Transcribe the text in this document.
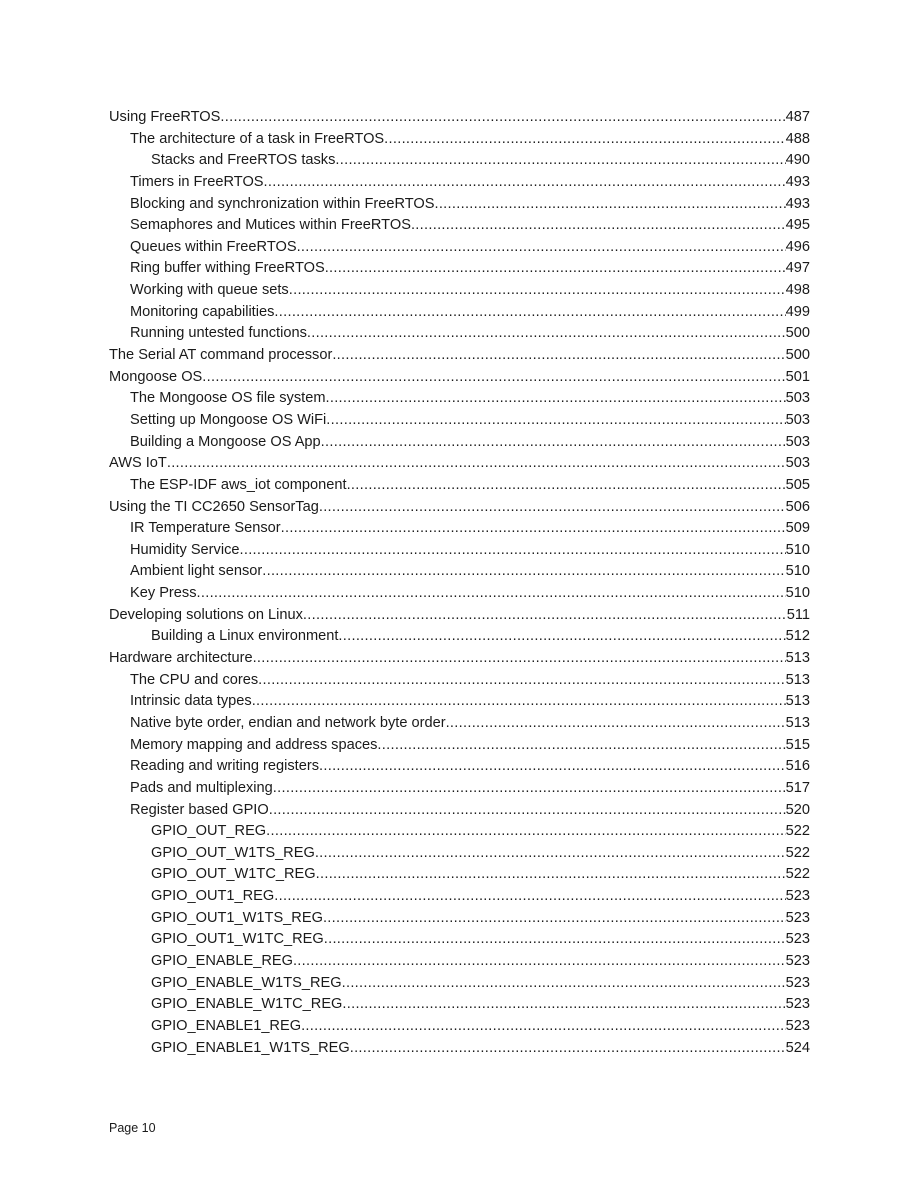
Using FreeRTOS .....	487
The architecture of a task in FreeRTOS .....	488
Stacks and FreeRTOS tasks .....	490
Timers in FreeRTOS .....	493
Blocking and synchronization within FreeRTOS .....	493
Semaphores and Mutices within FreeRTOS .....	495
Queues within FreeRTOS .....	496
Ring buffer withing FreeRTOS .....	497
Working with queue sets .....	498
Monitoring capabilities .....	499
Running untested functions .....	500
The Serial AT command processor .....	500
Mongoose OS .....	501
The Mongoose OS file system .....	503
Setting up Mongoose OS WiFi .....	503
Building a Mongoose OS App .....	503
AWS IoT .....	503
The ESP-IDF aws_iot component .....	505
Using the TI CC2650 SensorTag .....	506
IR Temperature Sensor .....	509
Humidity Service .....	510
Ambient light sensor .....	510
Key Press .....	510
Developing solutions on Linux .....	511
Building a Linux environment .....	512
Hardware architecture .....	513
The CPU and cores .....	513
Intrinsic data types .....	513
Native byte order, endian and network byte order .....	513
Memory mapping and address spaces .....	515
Reading and writing registers .....	516
Pads and multiplexing .....	517
Register based GPIO .....	520
GPIO_OUT_REG .....	522
GPIO_OUT_W1TS_REG .....	522
GPIO_OUT_W1TC_REG .....	522
GPIO_OUT1_REG .....	523
GPIO_OUT1_W1TS_REG .....	523
GPIO_OUT1_W1TC_REG .....	523
GPIO_ENABLE_REG .....	523
GPIO_ENABLE_W1TS_REG .....	523
GPIO_ENABLE_W1TC_REG .....	523
GPIO_ENABLE1_REG .....	523
GPIO_ENABLE1_W1TS_REG .....	524
Page 10
